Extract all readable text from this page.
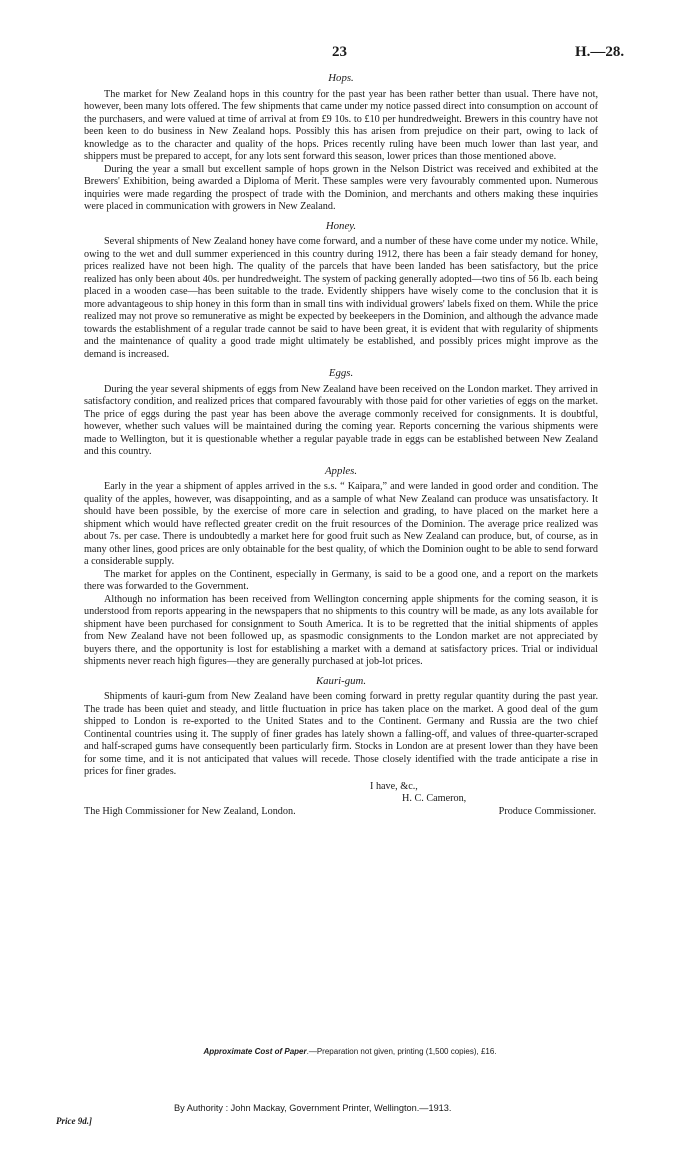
23	H.—28.
Hops.

The market for New Zealand hops in this country for the past year has been rather better than usual. There have not, however, been many lots offered. The few shipments that came under my notice passed direct into consumption on account of the purchasers, and were valued at time of arrival at from £9 10s. to £10 per hundredweight. Brewers in this country have not been keen to do business in New Zealand hops. Possibly this has arisen from prejudice on their part, owing to lack of knowledge as to the character and quality of the hops. Prices recently ruling have been much lower than last year, and shippers must be prepared to accept, for any lots sent forward this season, lower prices than those mentioned above.

During the year a small but excellent sample of hops grown in the Nelson District was received and exhibited at the Brewers' Exhibition, being awarded a Diploma of Merit. These samples were very favourably commented upon. Numerous inquiries were made regarding the prospect of trade with the Dominion, and merchants and others making these inquiries were placed in communication with growers in New Zealand.

Honey.

Several shipments of New Zealand honey have come forward, and a number of these have come under my notice. While, owing to the wet and dull summer experienced in this country during 1912, there has been a fair steady demand for honey, prices realized have not been high. The quality of the parcels that have been landed has been satisfactory, but the price realized has only been about 40s. per hundredweight. The system of packing generally adopted—two tins of 56 lb. each being placed in a wooden case—has been suitable to the trade. Evidently shippers have wisely come to the conclusion that it is more advantageous to ship honey in this form than in small tins with individual growers' labels fixed on them. While the price realized may not prove so remunerative as might be expected by beekeepers in the Dominion, and although the advance made towards the establishment of a regular trade cannot be said to have been great, it is evident that with regularity of shipments and the maintenance of quality a good trade might ultimately be established, and possibly prices might improve as the demand is increased.

Eggs.

During the year several shipments of eggs from New Zealand have been received on the London market. They arrived in satisfactory condition, and realized prices that compared favourably with those paid for other varieties of eggs on the market. The price of eggs during the past year has been above the average commonly received for consignments. It is doubtful, however, whether such values will be maintained during the coming year. Reports concerning the various shipments were made to Wellington, but it is questionable whether a regular payable trade in eggs can be established between New Zealand and this country.

Apples.

Early in the year a shipment of apples arrived in the s.s. “ Kaipara,” and were landed in good order and condition. The quality of the apples, however, was disappointing, and as a sample of what New Zealand can produce was unsatisfactory. It should have been possible, by the exercise of more care in selection and grading, to have placed on the market here a shipment which would have reflected greater credit on the fruit resources of the Dominion. The average price realized was about 7s. per case. There is undoubtedly a market here for good fruit such as New Zealand can produce, but, of course, as in many other lines, good prices are only obtainable for the best quality, of which the Dominion ought to be able to send forward a considerable supply.

The market for apples on the Continent, especially in Germany, is said to be a good one, and a report on the markets there was forwarded to the Government.

Although no information has been received from Wellington concerning apple shipments for the coming season, it is understood from reports appearing in the newspapers that no shipments to this country will be made, as any lots available for shipment have been purchased for consignment to South America. It is to be regretted that the initial shipments of apples from New Zealand have not been followed up, as spasmodic consignments to the London market are not appreciated by buyers there, and the opportunity is lost for establishing a market with a demand at satisfactory prices. Trial or individual shipments never reach high figures—they are generally purchased at job-lot prices.

Kauri-gum.

Shipments of kauri-gum from New Zealand have been coming forward in pretty regular quantity during the past year. The trade has been quiet and steady, and little fluctuation in price has taken place on the market. A good deal of the gum shipped to London is re-exported to the United States and to the Continent. Germany and Russia are the two chief Continental countries using it. The supply of finer grades has lately shown a falling-off, and values of three-quarter-scraped and half-scraped gums have consequently been particularly firm. Stocks in London are at present lower than they have been for some time, and it is not anticipated that values will recede. Those closely identified with the trade anticipate a rise in prices for finer grades.

I have, &c.,
H. C. Cameron,
The High Commissioner for New Zealand, London.	Produce Commissioner.
Approximate Cost of Paper.—Preparation not given, printing (1,500 copies), £16.
By Authority : John Mackay, Government Printer, Wellington.—1913.
Price 9d.]
